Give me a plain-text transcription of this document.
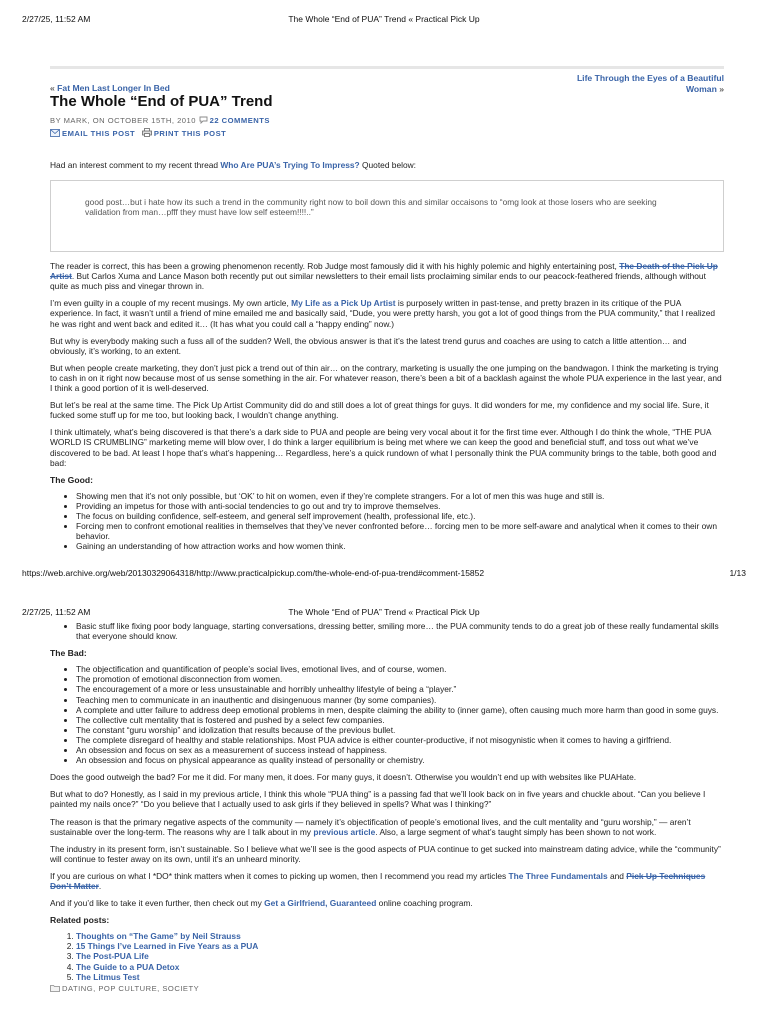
2/27/25, 11:52 AM	The Whole “End of PUA” Trend « Practical Pick Up
« Fat Men Last Longer In Bed
Life Through the Eyes of a Beautiful Woman »
The Whole “End of PUA” Trend
BY MARK, ON OCTOBER 15TH, 2010 22 COMMENTS
EMAIL THIS POST PRINT THIS POST

Had an interest comment to my recent thread Who Are PUA’s Trying To Impress? Quoted below:

good post…but i hate how its such a trend in the community right now to boil down this and similar occaisons to “omg look at those losers who are seeking validation from man…pfff they must have low self esteem!!!!..”

The reader is correct, this has been a growing phenomenon recently. Rob Judge most famously did it with his highly polemic and highly entertaining post, The Death of the Pick Up Artist. But Carlos Xuma and Lance Mason both recently put out similar newsletters to their email lists proclaiming similar ends to our peacock-feathered friends, although without quite as much piss and vinegar thrown in.

I’m even guilty in a couple of my recent musings. My own article, My Life as a Pick Up Artist is purposely written in past-tense, and pretty brazen in its critique of the PUA experience. In fact, it wasn’t until a friend of mine emailed me and basically said, “Dude, you were pretty harsh, you got a lot of good things from the PUA community,” that I realized he was right and went back and edited it… (It has what you could call a “happy ending” now.)

But why is everybody making such a fuss all of the sudden? Well, the obvious answer is that it’s the latest trend gurus and coaches are using to catch a little attention… and obviously, it’s working, to an extent.

But when people create marketing, they don’t just pick a trend out of thin air… on the contrary, marketing is usually the one jumping on the bandwagon. I think the marketing is trying to cash in on it right now because most of us sense something in the air. For whatever reason, there’s been a bit of a backlash against the whole PUA experience in the last year, and I think a good portion of it is well-deserved.

But let’s be real at the same time. The Pick Up Artist Community did do and still does a lot of great things for guys. It did wonders for me, my confidence and my social life. Sure, it fucked some stuff up for me too, but looking back, I wouldn’t change anything.

I think ultimately, what’s being discovered is that there’s a dark side to PUA and people are being very vocal about it for the first time ever. Although I do think the whole, “THE PUA WORLD IS CRUMBLING” marketing meme will blow over, I do think a larger equilibrium is being met where we can keep the good and beneficial stuff, and toss out what we’ve discovered to be bad. At least I hope that’s what’s happening… Regardless, here’s a quick rundown of what I personally think the PUA community brings to the table, both good and bad:

The Good:
• Showing men that it’s not only possible, but ‘OK’ to hit on women, even if they’re complete strangers. For a lot of men this was huge and still is.
• Providing an impetus for those with anti-social tendencies to go out and try to improve themselves.
• The focus on building confidence, self-esteem, and general self improvement (health, professional life, etc.).
• Forcing men to confront emotional realities in themselves that they’ve never confronted before… forcing men to be more self-aware and analytical when it comes to their own behavior.
• Gaining an understanding of how attraction works and how women think.
https://web.archive.org/web/20130329064318/http://www.practicalpickup.com/the-whole-end-of-pua-trend#comment-15852	1/13
2/27/25, 11:52 AM	The Whole “End of PUA” Trend « Practical Pick Up
• Basic stuff like fixing poor body language, starting conversations, dressing better, smiling more… the PUA community tends to do a great job of these really fundamental skills that everyone should know.
The Bad:
• The objectification and quantification of people’s social lives, emotional lives, and of course, women.
• The promotion of emotional disconnection from women.
• The encouragement of a more or less unsustainable and horribly unhealthy lifestyle of being a “player.”
• Teaching men to communicate in an inauthentic and disingenuous manner (by some companies).
• A complete and utter failure to address deep emotional problems in men, despite claiming the ability to (inner game), often causing much more harm than good in some guys.
• The collective cult mentality that is fostered and pushed by a select few companies.
• The constant “guru worship” and idolization that results because of the previous bullet.
• The complete disregard of healthy and stable relationships. Most PUA advice is either counter-productive, if not misogynistic when it comes to having a girlfriend.
• An obsession and focus on sex as a measurement of success instead of happiness.
• An obsession and focus on physical appearance as quality instead of personality or chemistry.

Does the good outweigh the bad? For me it did. For many men, it does. For many guys, it doesn’t. Otherwise you wouldn’t end up with websites like PUAHate.

But what to do? Honestly, as I said in my previous article, I think this whole “PUA thing” is a passing fad that we’ll look back on in five years and chuckle about. “Can you believe I painted my nails once?” “Do you believe that I actually used to ask girls if they believed in spells? What was I thinking?”

The reason is that the primary negative aspects of the community — namely it’s objectification of people’s emotional lives, and the cult mentality and “guru worship,” — aren’t sustainable over the long-term. The reasons why are I talk about in my previous article. Also, a large segment of what’s taught simply has been shown to not work.

The industry in its present form, isn’t sustainable. So I believe what we’ll see is the good aspects of PUA continue to get sucked into mainstream dating advice, while the “community” will continue to fester away on its own, until it’s an unheard minority.

If you are curious on what I *DO* think matters when it comes to picking up women, then I recommend you read my articles The Three Fundamentals and Pick Up Techniques Don’t Matter.

And if you’d like to take it even further, then check out my Get a Girlfriend, Guaranteed online coaching program.

Related posts:
1. Thoughts on “The Game” by Neil Strauss
2. 15 Things I’ve Learned in Five Years as a PUA
3. The Post-PUA Life
4. The Guide to a PUA Detox
5. The Litmus Test
DATING, POP CULTURE, SOCIETY
